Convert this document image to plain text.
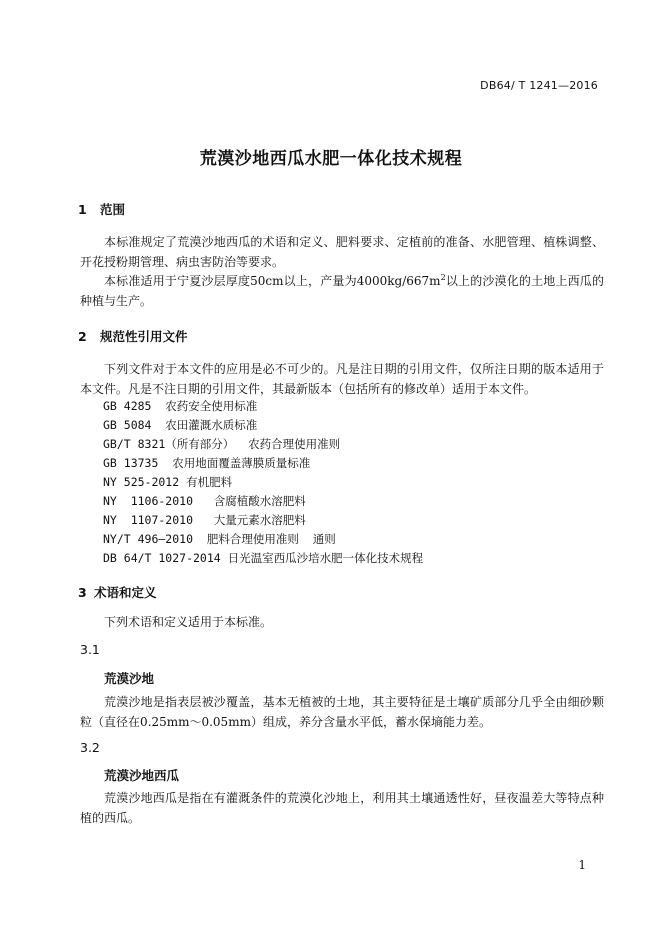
DB64/ T 1241—2016
荒漠沙地西瓜水肥一体化技术规程
1 范围

本标准规定了荒漠沙地西瓜的术语和定义、肥料要求、定植前的准备、水肥管理、植株调整、开花授粉期管理、病虫害防治等要求。

本标准适用于宁夏沙层厚度50cm以上，产量为$4000kg/667m^2$以上的沙漠化的土地上西瓜的种植与生产。

2 规范性引用文件

下列文件对于本文件的应用是必不可少的。凡是注日期的引用文件，仅所注日期的版本适用于本文件。凡是不注日期的引用文件，其最新版本（包括所有的修改单）适用于本文件。

GB 4285  农药安全使用标准
GB 5084  农田灌溉水质标准
GB/T 8321（所有部分）  农药合理使用准则
GB 13735  农用地面覆盖薄膜质量标准
NY 525-2012 有机肥料
NY  1106-2010   含腐植酸水溶肥料
NY  1107-2010   大量元素水溶肥料
NY/T 496—2010  肥料合理使用准则  通则
DB 64/T 1027-2014 日光温室西瓜沙培水肥一体化技术规程
3 术语和定义

下列术语和定义适用于本标准。

3.1
荒漠沙地

荒漠沙地是指表层被沙覆盖，基本无植被的土地，其主要特征是土壤矿质部分几乎全由细砂颗粒（直径在0.25mm～0.05mm）组成，养分含量水平低，蓄水保墒能力差。

3.2
荒漠沙地西瓜

荒漠沙地西瓜是指在有灌溉条件的荒漠化沙地上，利用其土壤通透性好，昼夜温差大等特点种植的西瓜。

1
